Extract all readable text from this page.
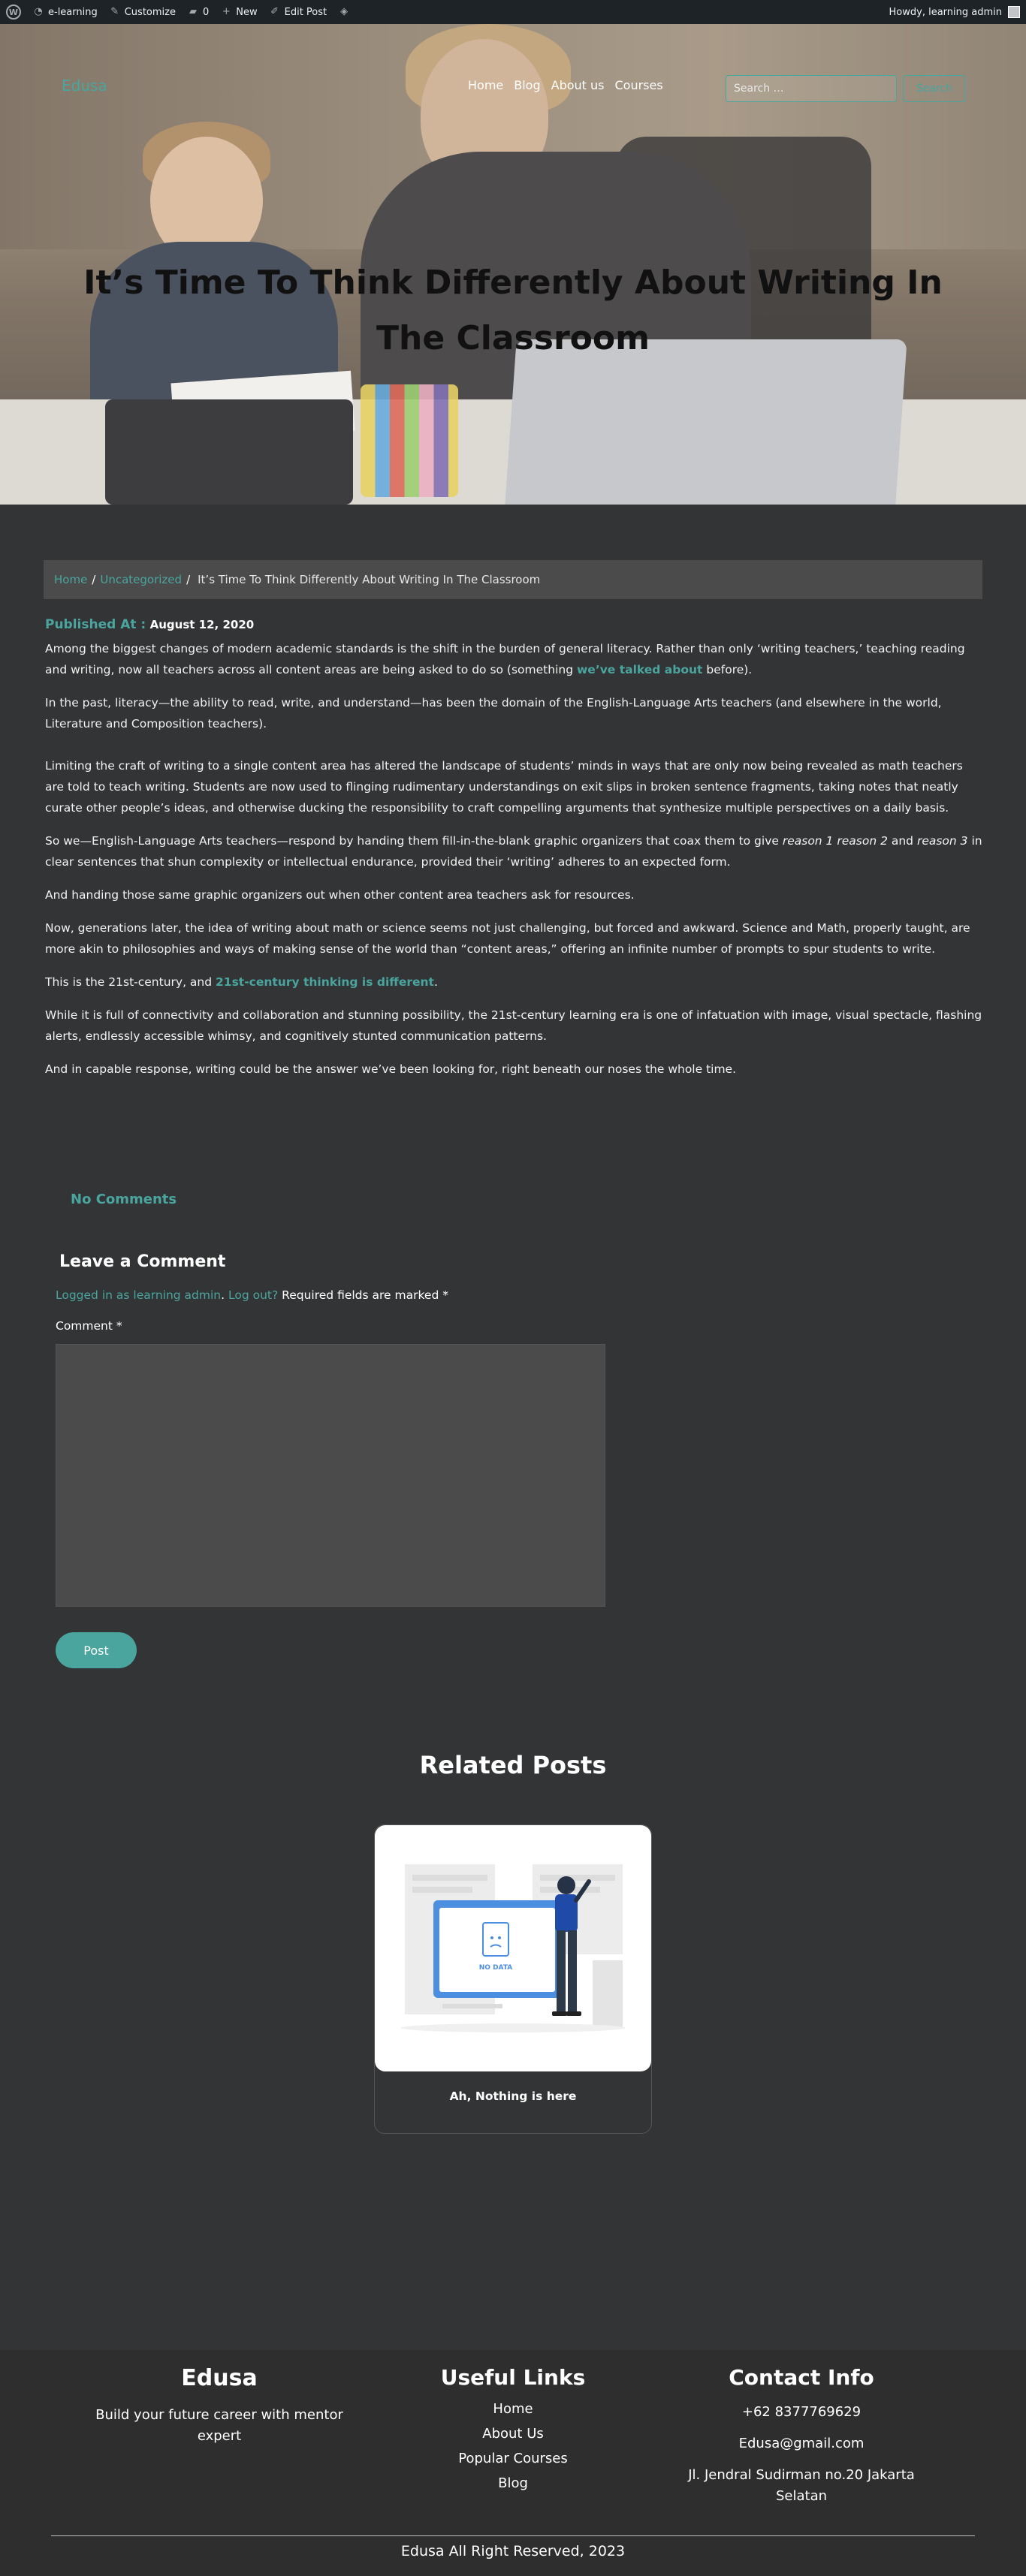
W	◔ e-learning ✎ Customize ▰ 0 + New ✐ Edit Post ◈	Howdy, learning admin
Edusa	Home Blog About us Courses
Search …	Search
It’s Time To Think Differently About Writing In The Classroom
Home / Uncategorized / It’s Time To Think Differently About Writing In The Classroom
Published At : August 12, 2020

Among the biggest changes of modern academic standards is the shift in the burden of general literacy. Rather than only ‘writing teachers,’ teaching reading and writing, now all teachers across all content areas are being asked to do so (something we’ve talked about before).

In the past, literacy—the ability to read, write, and understand—has been the domain of the English-Language Arts teachers (and elsewhere in the world, Literature and Composition teachers).

Limiting the craft of writing to a single content area has altered the landscape of students’ minds in ways that are only now being revealed as math teachers are told to teach writing. Students are now used to flinging rudimentary understandings on exit slips in broken sentence fragments, taking notes that neatly curate other people’s ideas, and otherwise ducking the responsibility to craft compelling arguments that synthesize multiple perspectives on a daily basis.

So we—English-Language Arts teachers—respond by handing them fill-in-the-blank graphic organizers that coax them to give reason 1 reason 2 and reason 3 in clear sentences that shun complexity or intellectual endurance, provided their ‘writing’ adheres to an expected form.

And handing those same graphic organizers out when other content area teachers ask for resources.

Now, generations later, the idea of writing about math or science seems not just challenging, but forced and awkward. Science and Math, properly taught, are more akin to philosophies and ways of making sense of the world than “content areas,” offering an infinite number of prompts to spur students to write.

This is the 21st-century, and 21st-century thinking is different.

While it is full of connectivity and collaboration and stunning possibility, the 21st-century learning era is one of infatuation with image, visual spectacle, flashing alerts, endlessly accessible whimsy, and cognitively stunted communication patterns.

And in capable response, writing could be the answer we’ve been looking for, right beneath our noses the whole time.

No Comments
Leave a Comment
Logged in as learning admin. Log out? Required fields are marked *
Comment *
Post
Related Posts
NO DATA
Ah, Nothing is here
Edusa
Build your future career with mentor expert
Useful Links
Home
About Us
Popular Courses
Blog
Contact Info
+62 8377769629
Edusa@gmail.com
Jl. Jendral Sudirman no.20 Jakarta Selatan
Edusa All Right Reserved, 2023
